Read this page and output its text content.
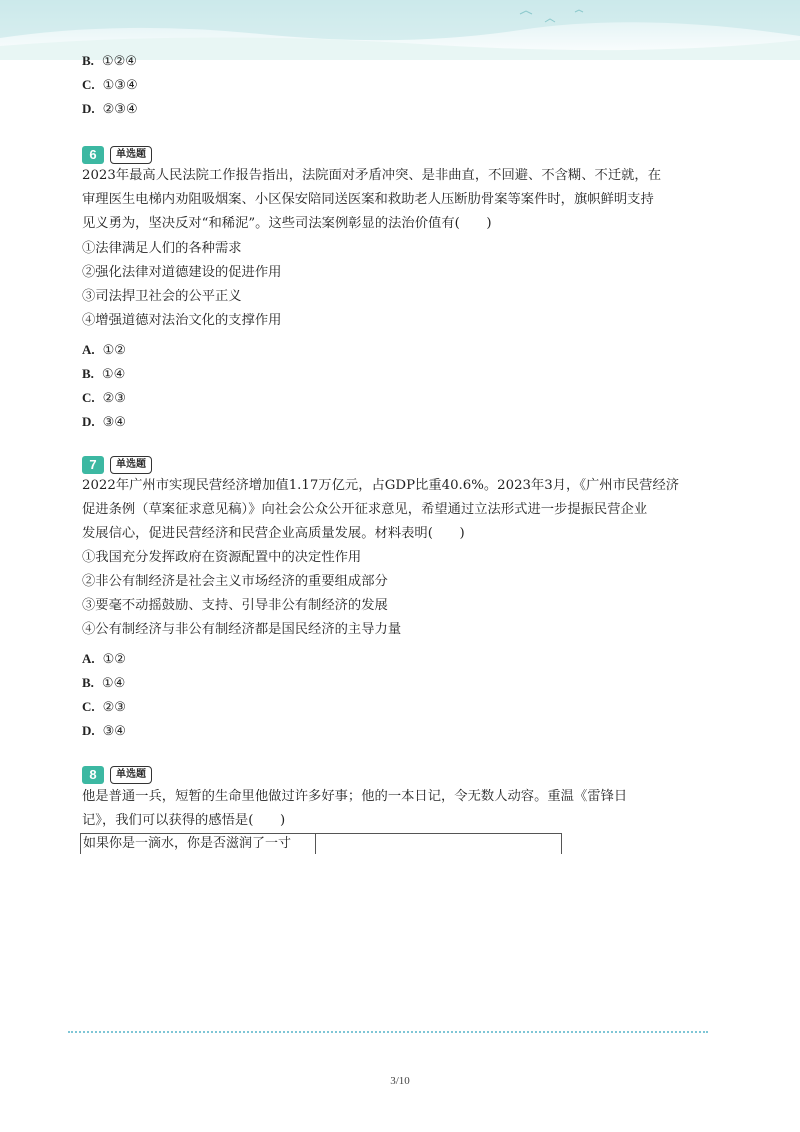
B. ①②④
C. ①③④
D. ②③④
6	单选题
2023年最高人民法院工作报告指出，法院面对矛盾冲突、是非曲直，不回避、不含糊、不迁就，在
审理医生电梯内劝阻吸烟案、小区保安陪同送医案和救助老人压断肋骨案等案件时，旗帜鲜明支持
见义勇为，坚决反对“和稀泥”。这些司法案例彰显的法治价值有(　　)
①法律满足人们的各种需求
②强化法律对道德建设的促进作用
③司法捍卫社会的公平正义
④增强道德对法治文化的支撑作用
A. ①②
B. ①④
C. ②③
D. ③④
7	单选题
2022年广州市实现民营经济增加值1.17万亿元，占GDP比重40.6%。2023年3月，《广州市民营经济
促进条例（草案征求意见稿）》向社会公众公开征求意见，希望通过立法形式进一步提振民营企业
发展信心，促进民营经济和民营企业高质量发展。材料表明(　　)
①我国充分发挥政府在资源配置中的决定性作用
②非公有制经济是社会主义市场经济的重要组成部分
③要毫不动摇鼓励、支持、引导非公有制经济的发展
④公有制经济与非公有制经济都是国民经济的主导力量
A. ①②
B. ①④
C. ②③
D. ③④
8	单选题
他是普通一兵，短暂的生命里他做过许多好事；他的一本日记，令无数人动容。重温《雷锋日
记》，我们可以获得的感悟是(　　)
如果你是一滴水，你是否滋润了一寸
3/10
